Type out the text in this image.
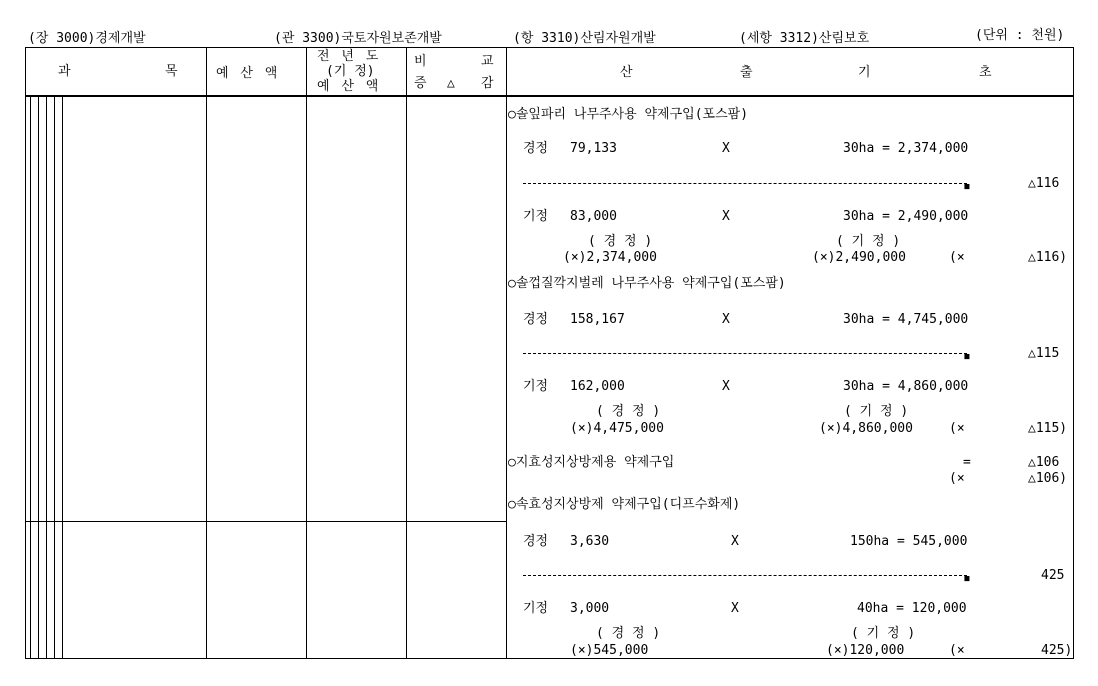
(장 3000)경제개발	(관 3300)국토자원보존개발	(항 3310)산림자원개발	(세항 3312)산림보호	(단위 : 천원)
과	목	예 산 액
전 년 도
(기 정)
예 산 액
비	교
증 △ 감
산	출	기	초
○솔잎파리 나무주사용 약제구입(포스팜)
경정 79,133	X	30ha = 2,374,000
▪	△116
기정 83,000	X	30ha = 2,490,000
( 경 정 )
(×)2,374,000
( 기 정 )
(×)2,490,000	(×	△116)
○솔껍질깍지벌레 나무주사용 약제구입(포스팜)
경정 158,167	X	30ha = 4,745,000
▪	△115
기정 162,000	X	30ha = 4,860,000
( 경 정 )
(×)4,475,000
( 기 정 )
(×)4,860,000	(×	△115)
○지효성지상방제용 약제구입	=	△106
(×	△106)
○속효성지상방제 약제구입(디프수화제)
경정 3,630	X	150ha = 545,000
▪	425
기정 3,000	X	40ha = 120,000
( 경 정 )
(×)545,000
( 기 정 )
(×)120,000	(×	425)
